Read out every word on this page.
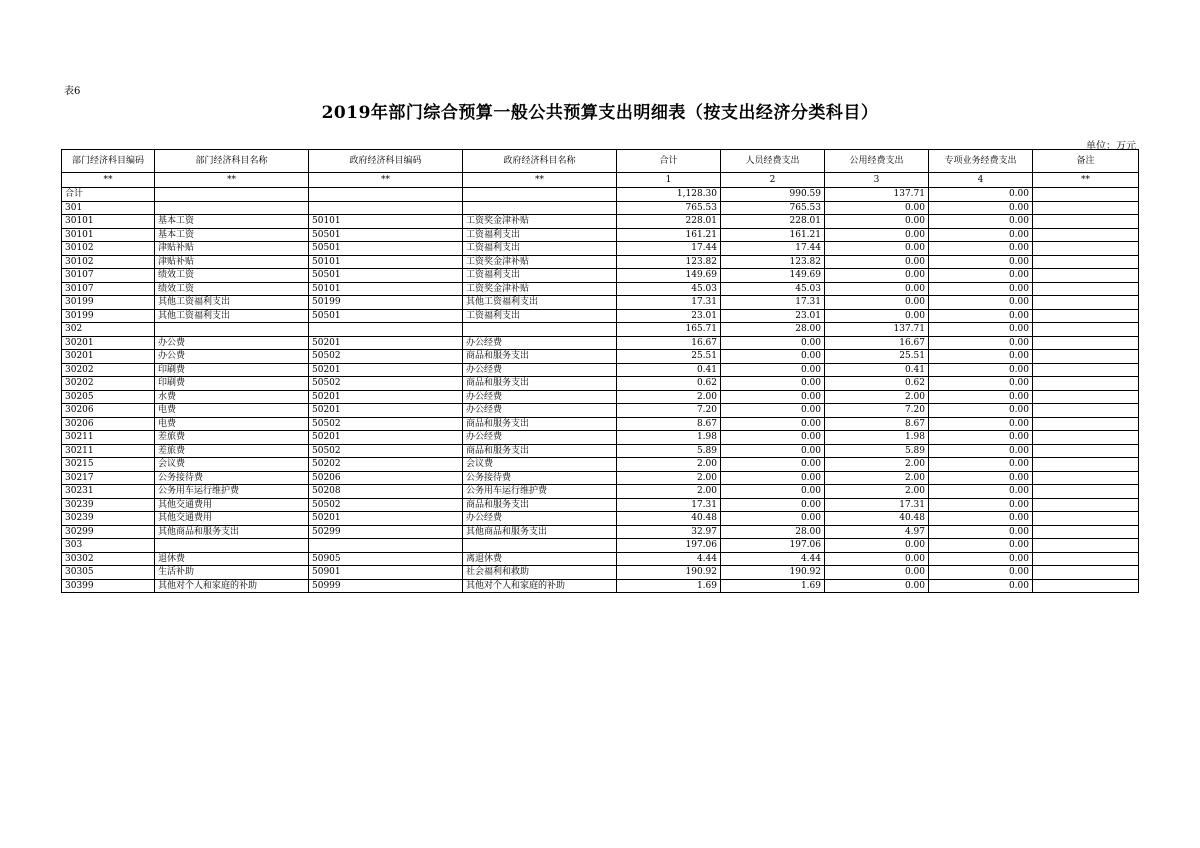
表6
2019年部门综合预算一般公共预算支出明细表（按支出经济分类科目）
单位：万元
部门经济科目编码	部门经济科目名称	政府经济科目编码	政府经济科目名称	合计	人员经费支出	公用经费支出	专项业务经费支出	备注
**	**	**	**	1	2	3	4	**
合计				1,128.30	990.59	137.71	0.00	
301				765.53	765.53	0.00	0.00	
30101	基本工资	50101	工资奖金津补贴	228.01	228.01	0.00	0.00	
30101	基本工资	50501	工资福利支出	161.21	161.21	0.00	0.00	
30102	津贴补贴	50501	工资福利支出	17.44	17.44	0.00	0.00	
30102	津贴补贴	50101	工资奖金津补贴	123.82	123.82	0.00	0.00	
30107	绩效工资	50501	工资福利支出	149.69	149.69	0.00	0.00	
30107	绩效工资	50101	工资奖金津补贴	45.03	45.03	0.00	0.00	
30199	其他工资福利支出	50199	其他工资福利支出	17.31	17.31	0.00	0.00	
30199	其他工资福利支出	50501	工资福利支出	23.01	23.01	0.00	0.00	
302				165.71	28.00	137.71	0.00	
30201	办公费	50201	办公经费	16.67	0.00	16.67	0.00	
30201	办公费	50502	商品和服务支出	25.51	0.00	25.51	0.00	
30202	印刷费	50201	办公经费	0.41	0.00	0.41	0.00	
30202	印刷费	50502	商品和服务支出	0.62	0.00	0.62	0.00	
30205	水费	50201	办公经费	2.00	0.00	2.00	0.00	
30206	电费	50201	办公经费	7.20	0.00	7.20	0.00	
30206	电费	50502	商品和服务支出	8.67	0.00	8.67	0.00	
30211	差旅费	50201	办公经费	1.98	0.00	1.98	0.00	
30211	差旅费	50502	商品和服务支出	5.89	0.00	5.89	0.00	
30215	会议费	50202	会议费	2.00	0.00	2.00	0.00	
30217	公务接待费	50206	公务接待费	2.00	0.00	2.00	0.00	
30231	公务用车运行维护费	50208	公务用车运行维护费	2.00	0.00	2.00	0.00	
30239	其他交通费用	50502	商品和服务支出	17.31	0.00	17.31	0.00	
30239	其他交通费用	50201	办公经费	40.48	0.00	40.48	0.00	
30299	其他商品和服务支出	50299	其他商品和服务支出	32.97	28.00	4.97	0.00	
303				197.06	197.06	0.00	0.00	
30302	退休费	50905	离退休费	4.44	4.44	0.00	0.00	
30305	生活补助	50901	社会福利和救助	190.92	190.92	0.00	0.00	
30399	其他对个人和家庭的补助	50999	其他对个人和家庭的补助	1.69	1.69	0.00	0.00	
